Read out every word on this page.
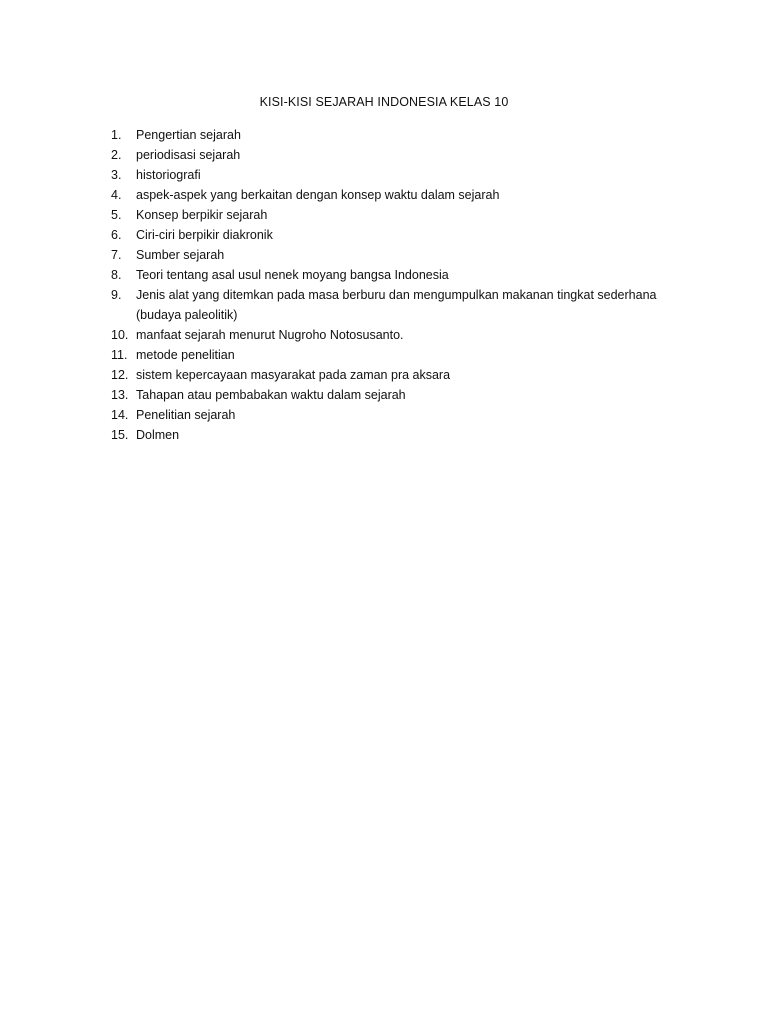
KISI-KISI SEJARAH INDONESIA KELAS 10
1.	Pengertian sejarah
2.	periodisasi sejarah
3.	historiografi
4.	aspek-aspek yang berkaitan dengan konsep waktu dalam sejarah
5.	Konsep berpikir sejarah
6.	Ciri-ciri berpikir diakronik
7.	Sumber sejarah
8.	Teori tentang asal usul nenek moyang bangsa Indonesia
9.	Jenis alat yang ditemkan pada masa berburu dan mengumpulkan makanan tingkat sederhana (budaya paleolitik)
10. manfaat sejarah menurut Nugroho Notosusanto.
11. metode penelitian
12. sistem kepercayaan masyarakat pada zaman pra aksara
13. Tahapan atau pembabakan waktu dalam sejarah
14. Penelitian sejarah
15. Dolmen
